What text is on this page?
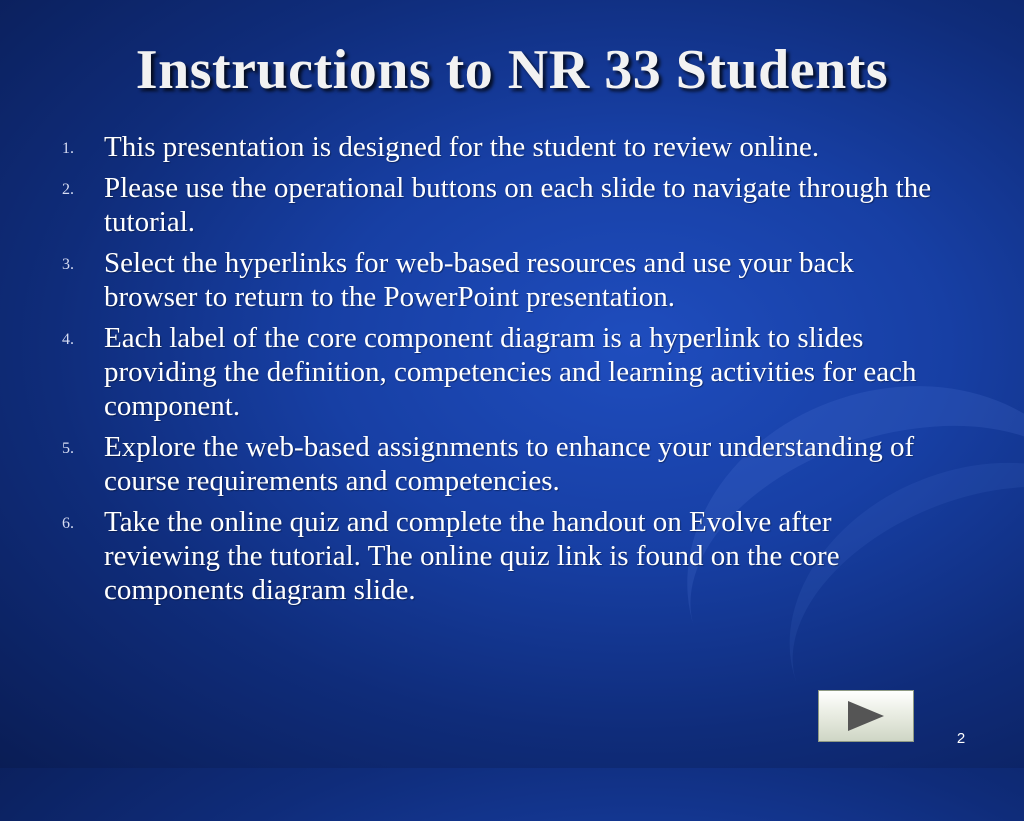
Instructions to NR 33 Students
1.	This presentation is designed for the student to review online.
2.	Please use the operational buttons on each slide to navigate through the tutorial.
3.	Select the hyperlinks for web-based resources and use your back browser to return to the PowerPoint presentation.
4.	Each label of the core component diagram is a hyperlink to slides providing the definition, competencies and learning activities for each component.
5.	Explore the web-based assignments to enhance your understanding of course requirements and competencies.
6.	Take the online quiz and complete the handout on Evolve after reviewing the tutorial. The online quiz link is found on the core components diagram slide.
2
